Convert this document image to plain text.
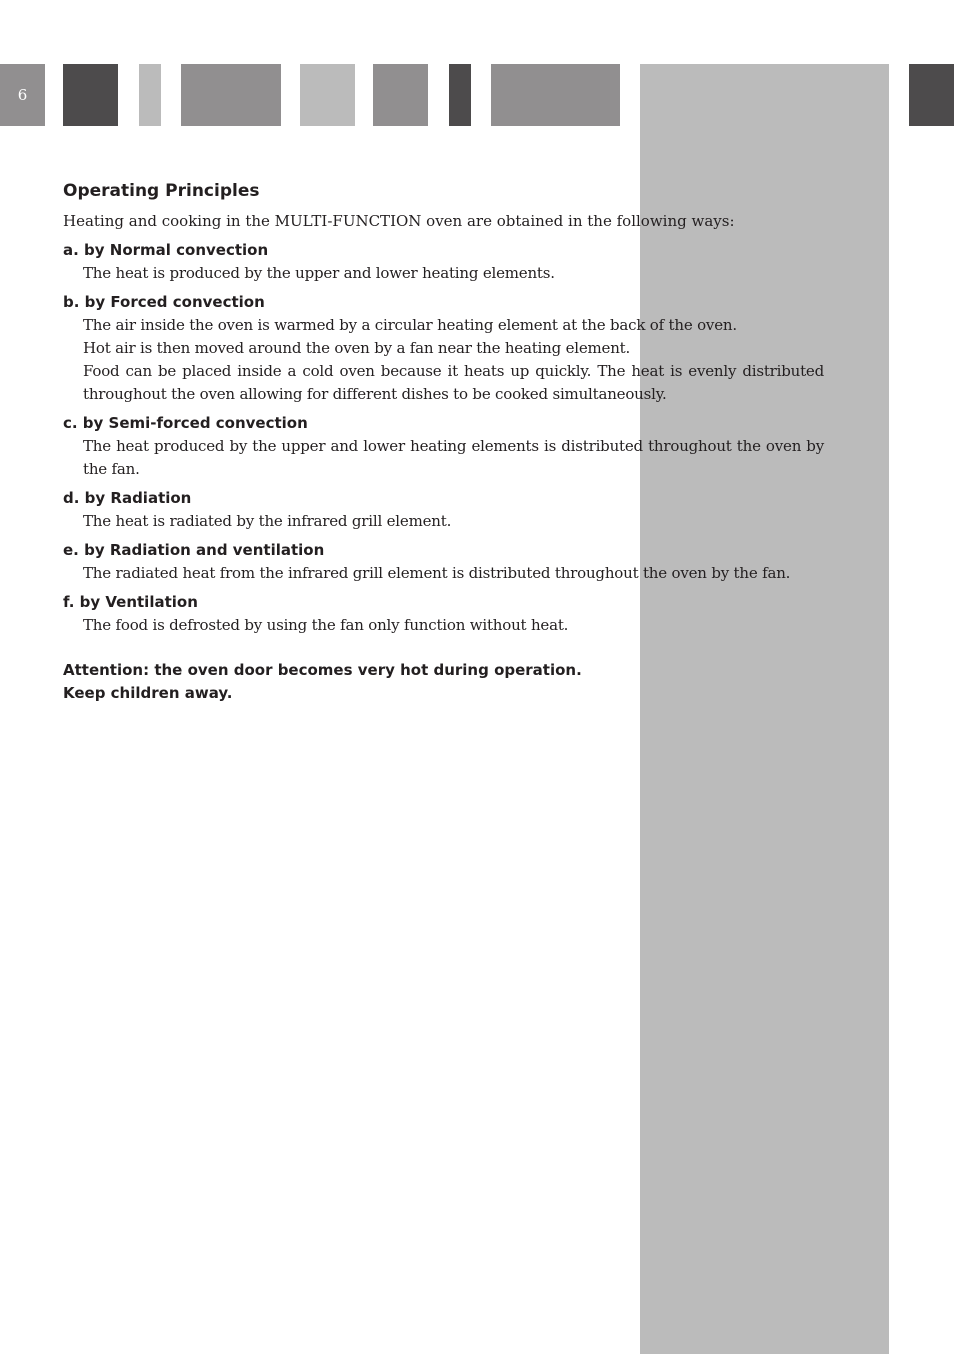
6
Operating Principles

Heating and cooking in the MULTI-FUNCTION oven are obtained in the following ways:

a. by Normal convection

The heat is produced by the upper and lower heating elements.

b. by Forced convection

The air inside the oven is warmed by a circular heating element at the back of the oven.

Hot air is then moved around the oven by a fan near the heating element.

Food can be placed inside a cold oven because it heats up quickly. The heat is evenly distributed throughout the oven allowing for different dishes to be cooked simultaneously.

c. by Semi-forced convection

The heat produced by the upper and lower heating elements is distributed throughout the oven by the fan.

d. by Radiation

The heat is radiated by the infrared grill element.

e. by Radiation and ventilation

The radiated heat from the infrared grill element is distributed throughout the oven by the fan.

f. by Ventilation

The food is defrosted by using the fan only function without heat.

Attention: the oven door becomes very hot during operation.

Keep children away.
